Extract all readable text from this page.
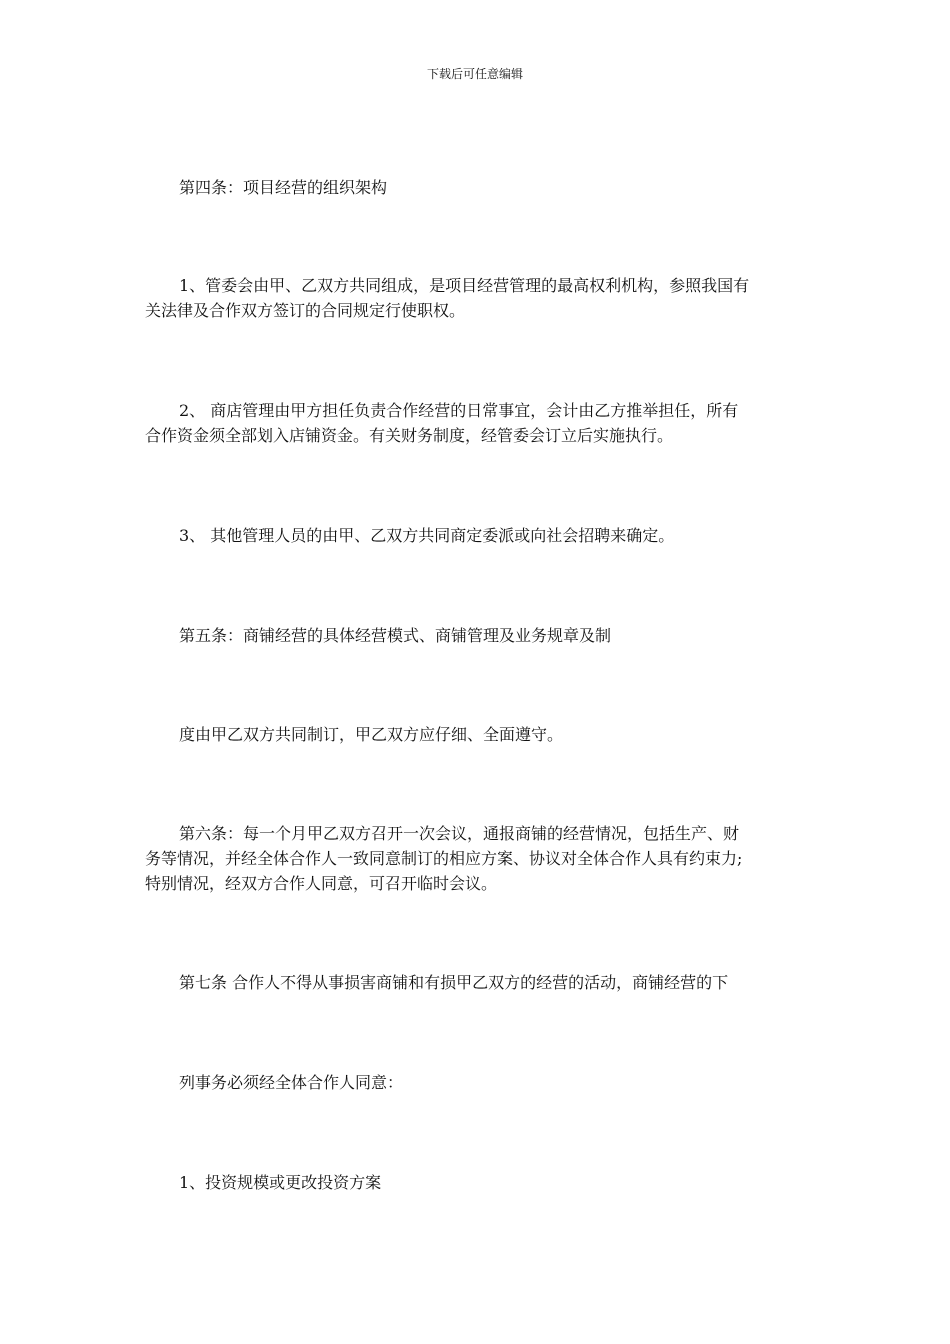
下载后可任意编辑
第四条：项目经营的组织架构
1、管委会由甲、乙双方共同组成，是项目经营管理的最高权利机构，参照我国有
关法律及合作双方签订的合同规定行使职权。
2、 商店管理由甲方担任负责合作经营的日常事宜，会计由乙方推举担任，所有
合作资金须全部划入店铺资金。有关财务制度，经管委会订立后实施执行。
3、 其他管理人员的由甲、乙双方共同商定委派或向社会招聘来确定。
第五条：商铺经营的具体经营模式、商铺管理及业务规章及制
度由甲乙双方共同制订，甲乙双方应仔细、全面遵守。
第六条：每一个月甲乙双方召开一次会议，通报商铺的经营情况，包括生产、财
务等情况，并经全体合作人一致同意制订的相应方案、协议对全体合作人具有约束力;
特别情况，经双方合作人同意，可召开临时会议。
第七条 合作人不得从事损害商铺和有损甲乙双方的经营的活动，商铺经营的下
列事务必须经全体合作人同意：
1、投资规模或更改投资方案
